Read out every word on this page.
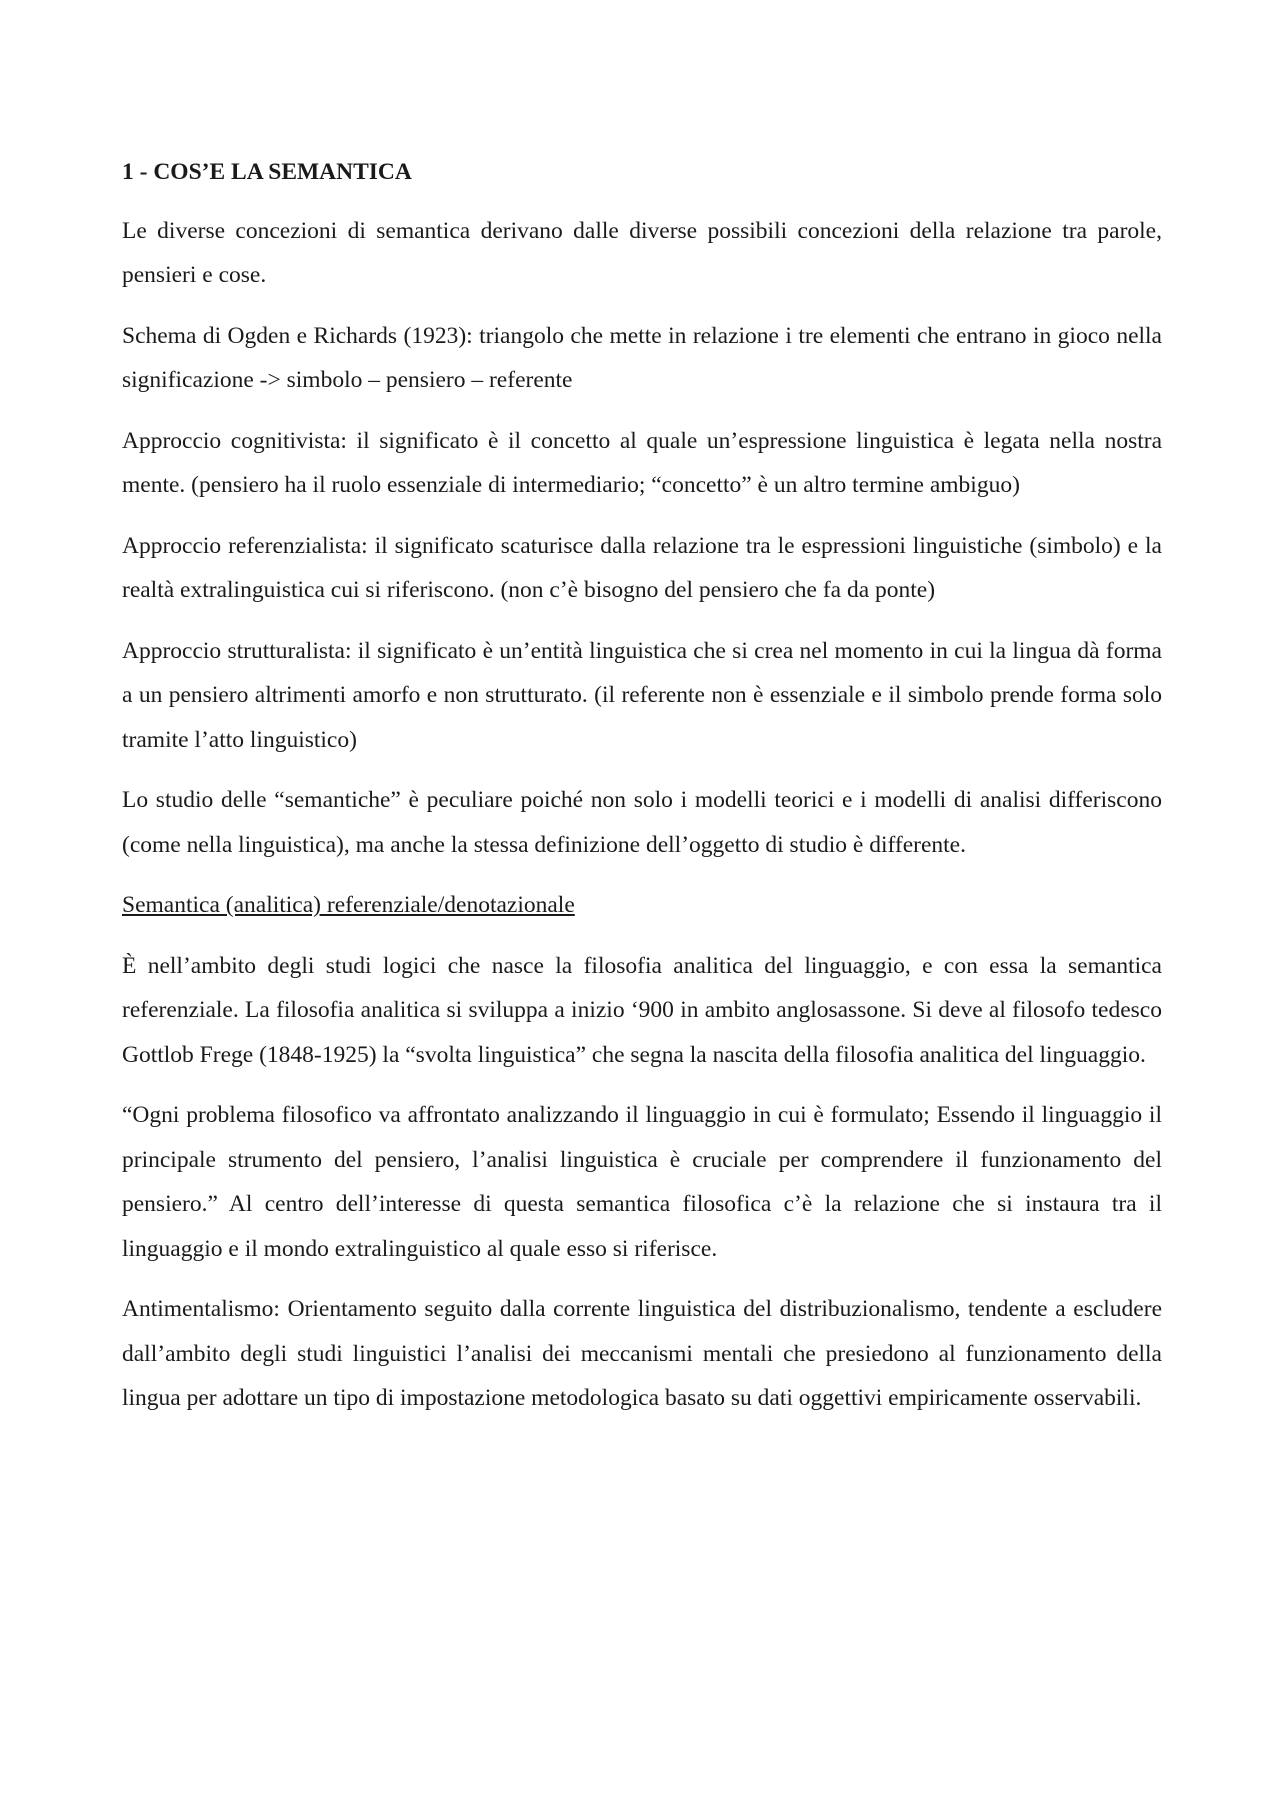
1 - COS’E LA SEMANTICA

Le diverse concezioni di semantica derivano dalle diverse possibili concezioni della relazione tra parole, pensieri e cose.

Schema di Ogden e Richards (1923): triangolo che mette in relazione i tre elementi che entrano in gioco nella significazione -> simbolo – pensiero – referente

Approccio cognitivista: il significato è il concetto al quale un’espressione linguistica è legata nella nostra mente. (pensiero ha il ruolo essenziale di intermediario; “concetto” è un altro termine ambiguo)

Approccio referenzialista: il significato scaturisce dalla relazione tra le espressioni linguistiche (simbolo) e la realtà extralinguistica cui si riferiscono. (non c’è bisogno del pensiero che fa da ponte)

Approccio strutturalista: il significato è un’entità linguistica che si crea nel momento in cui la lingua dà forma a un pensiero altrimenti amorfo e non strutturato. (il referente non è essenziale e il simbolo prende forma solo tramite l’atto linguistico)

Lo studio delle “semantiche” è peculiare poiché non solo i modelli teorici e i modelli di analisi differiscono (come nella linguistica), ma anche la stessa definizione dell’oggetto di studio è differente.

Semantica (analitica) referenziale/denotazionale

È nell’ambito degli studi logici che nasce la filosofia analitica del linguaggio, e con essa la semantica referenziale. La filosofia analitica si sviluppa a inizio ‘900 in ambito anglosassone. Si deve al filosofo tedesco Gottlob Frege (1848-1925) la “svolta linguistica” che segna la nascita della filosofia analitica del linguaggio.

“Ogni problema filosofico va affrontato analizzando il linguaggio in cui è formulato; Essendo il linguaggio il principale strumento del pensiero, l’analisi linguistica è cruciale per comprendere il funzionamento del pensiero.” Al centro dell’interesse di questa semantica filosofica c’è la relazione che si instaura tra il linguaggio e il mondo extralinguistico al quale esso si riferisce.

Antimentalismo: Orientamento seguito dalla corrente linguistica del distribuzionalismo, tendente a escludere dall’ambito degli studi linguistici l’analisi dei meccanismi mentali che presiedono al funzionamento della lingua per adottare un tipo di impostazione metodologica basato su dati oggettivi empiricamente osservabili.
